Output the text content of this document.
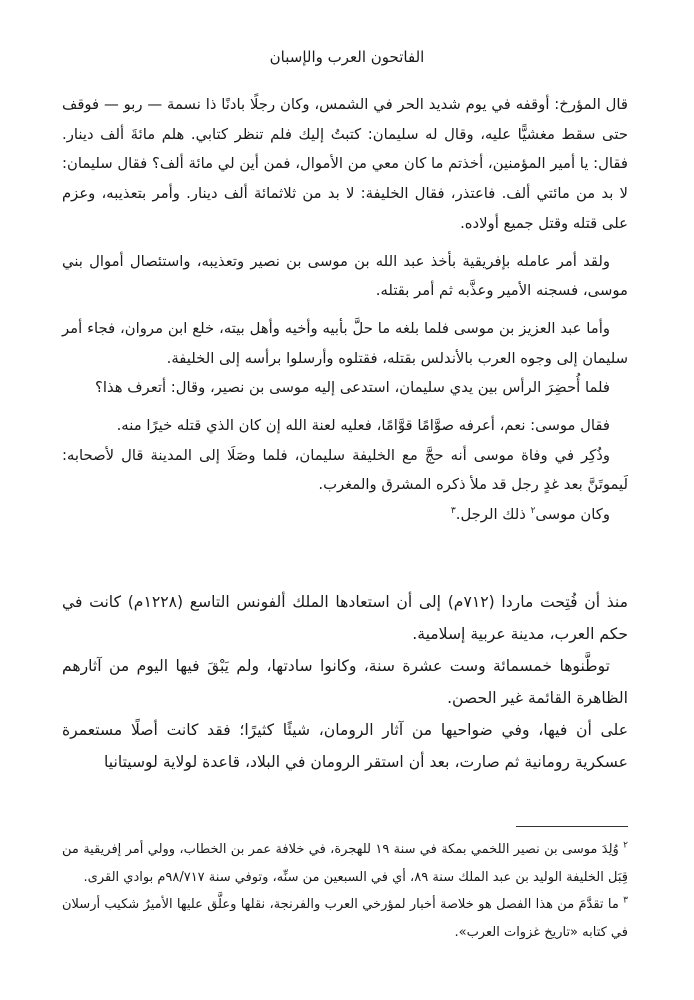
الفاتحون العرب والإسبان

قال المؤرخ: أوقفه في يوم شديد الحر في الشمس، وكان رجلًا بادنًا ذا نسمة — ربو — فوقف حتى سقط مغشيًّا عليه، وقال له سليمان: كتبتُ إليك فلم تنظر كتابي. هلم مائةَ ألف دينار. فقال: يا أمير المؤمنين، أخذتم ما كان معي من الأموال، فمن أين لي مائة ألف؟ فقال سليمان: لا بد من مائتي ألف. فاعتذر، فقال الخليفة: لا بد من ثلاثمائة ألف دينار. وأمر بتعذيبه، وعزم على قتله وقتل جميع أولاده.

ولقد أمر عامله بإفريقية بأخذ عبد الله بن موسى بن نصير وتعذيبه، واستئصال أموال بني موسى، فسجنه الأمير وعذَّبه ثم أمر بقتله.

وأما عبد العزيز بن موسى فلما بلغه ما حلَّ بأبيه وأخيه وأهل بيته، خلع ابن مروان، فجاء أمر سليمان إلى وجوه العرب بالأندلس بقتله، فقتلوه وأرسلوا برأسه إلى الخليفة.

فلما أُحضِرَ الرأس بين يدي سليمان، استدعى إليه موسى بن نصير، وقال: أتعرف هذا؟

فقال موسى: نعم، أعرفه صوَّامًا قوَّامًا، فعليه لعنة الله إن كان الذي قتله خيرًا منه.

وذُكِر في وفاة موسى أنه حجَّ مع الخليفة سليمان، فلما وصَلَا إلى المدينة قال لأصحابه: لَيموتَنَّ بعد غدٍ رجل قد ملأ ذكره المشرق والمغرب.

وكان موسى$^٢$ ذلك الرجل.$^٣$

منذ أن فُتِحت ماردا (٧١٢م) إلى أن استعادها الملك ألفونس التاسع (١٢٢٨م) كانت في حكم العرب، مدينة عربية إسلامية.

توطَّنوها خمسمائة وست عشرة سنة، وكانوا سادتها، ولم يَبْقَ فيها اليوم من آثارهم الظاهرة القائمة غير الحصن.

على أن فيها، وفي ضواحيها من آثار الرومان، شيئًا كثيرًا؛ فقد كانت أصلًا مستعمرة عسكرية رومانية ثم صارت، بعد أن استقر الرومان في البلاد، قاعدة لولاية لوسيتانيا

$^٢$ وُلِدَ موسى بن نصير اللخمي بمكة في سنة ١٩ للهجرة، في خلافة عمر بن الخطاب، وولي أمر إفريقية من قِبَل الخليفة الوليد بن عبد الملك سنة ٨٩، أي في السبعين من سنِّه، وتوفي سنة ٩٨/٧١٧م بوادي القرى.

$^٣$ ما تقدَّمَ من هذا الفصل هو خلاصة أخبار لمؤرخي العرب والفرنجة، نقلها وعلَّق عليها الأميرُ شكيب أرسلان في كتابه «تاريخ غزوات العرب».
